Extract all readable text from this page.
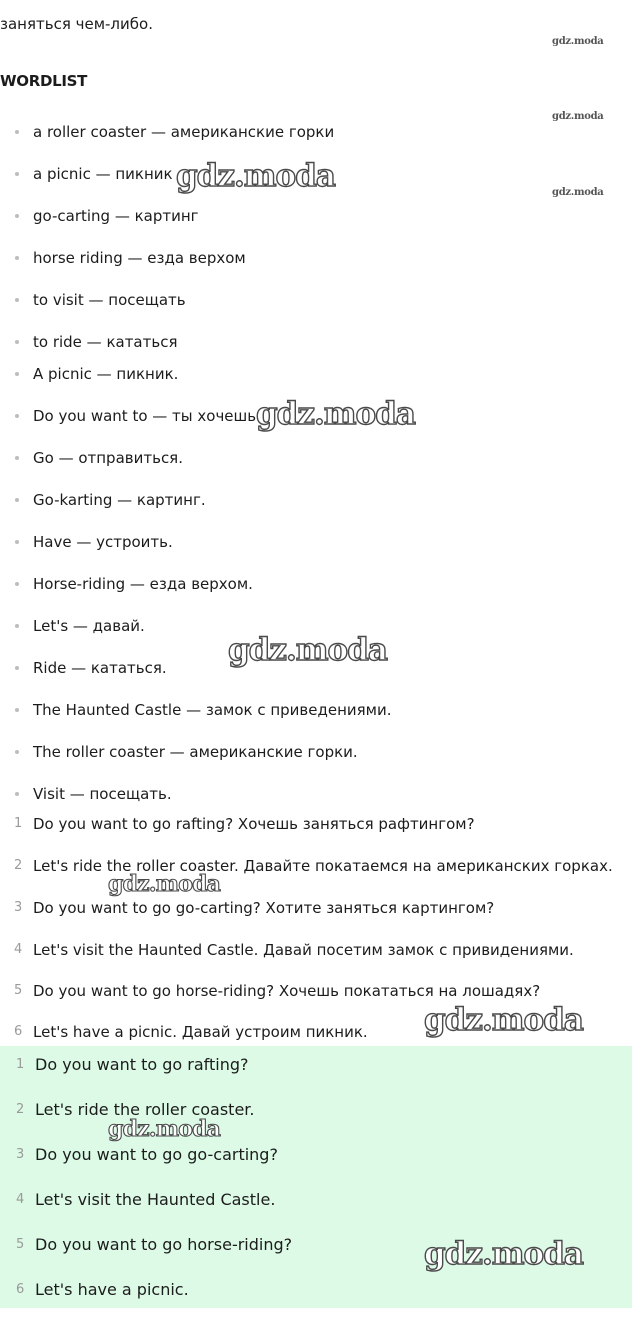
заняться чем-либо.
WORDLIST
a roller coaster — американские горки
a picnic — пикник
go-carting — картинг
horse riding — езда верхом
to visit — посещать
to ride — кататься
A picnic — пикник.
Do you want to — ты хочешь.
Go — отправиться.
Go-karting — картинг.
Have — устроить.
Horse-riding — езда верхом.
Let's — давай.
Ride — кататься.
The Haunted Castle — замок с приведениями.
The roller coaster — американские горки.
Visit — посещать.
1 Do you want to go rafting? Хочешь заняться рафтингом?
2 Let's ride the roller coaster. Давайте покатаемся на американских горках.
3 Do you want to go go-carting? Хотите заняться картингом?
4 Let's visit the Haunted Castle. Давай посетим замок с привидениями.
5 Do you want to go horse-riding? Хочешь покататься на лошадях?
6 Let's have a picnic. Давай устроим пикник.
1 Do you want to go rafting?
2 Let's ride the roller coaster.
3 Do you want to go go-carting?
4 Let's visit the Haunted Castle.
5 Do you want to go horse-riding?
6 Let's have a picnic.
gdz.moda
gdz.moda
gdz.moda
gdz.moda
gdz.moda
gdz.moda
gdz.moda
gdz.moda
gdz.moda
gdz.moda
